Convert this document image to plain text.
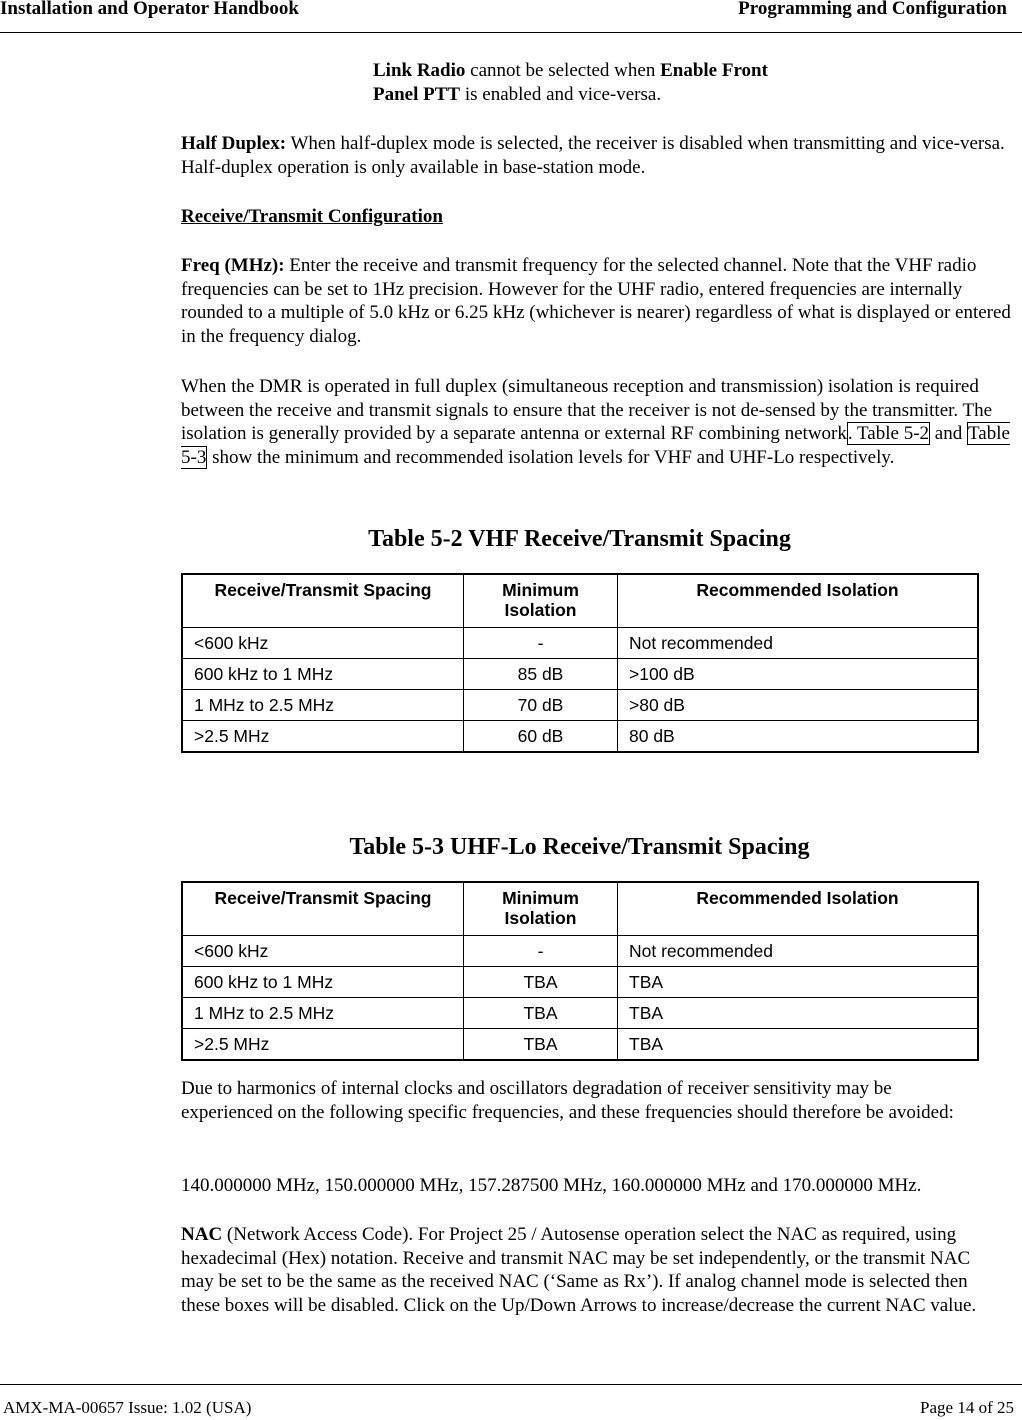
Installation and Operator Handbook	Programming and Configuration
Link Radio cannot be selected when Enable Front Panel PTT is enabled and vice-versa.

Half Duplex: When half-duplex mode is selected, the receiver is disabled when transmitting and vice-versa. Half-duplex operation is only available in base-station mode.

Receive/Transmit Configuration

Freq (MHz): Enter the receive and transmit frequency for the selected channel. Note that the VHF radio frequencies can be set to 1Hz precision. However for the UHF radio, entered frequencies are internally rounded to a multiple of 5.0 kHz or 6.25 kHz (whichever is nearer) regardless of what is displayed or entered in the frequency dialog.

When the DMR is operated in full duplex (simultaneous reception and transmission) isolation is required between the receive and transmit signals to ensure that the receiver is not de-sensed by the transmitter. The isolation is generally provided by a separate antenna or external RF combining network. Table 5-2 and Table 5-3 show the minimum and recommended isolation levels for VHF and UHF-Lo respectively.

Table 5-2 VHF Receive/Transmit Spacing
Receive/Transmit Spacing	Minimum Isolation	Recommended Isolation
<600 kHz	-	Not recommended
600 kHz to 1 MHz	85 dB	>100 dB
1 MHz to 2.5 MHz	70 dB	>80 dB
>2.5 MHz	60 dB	80 dB
Table 5-3 UHF-Lo Receive/Transmit Spacing
Receive/Transmit Spacing	Minimum Isolation	Recommended Isolation
<600 kHz	-	Not recommended
600 kHz to 1 MHz	TBA	TBA
1 MHz to 2.5 MHz	TBA	TBA
>2.5 MHz	TBA	TBA

Due to harmonics of internal clocks and oscillators degradation of receiver sensitivity may be experienced on the following specific frequencies, and these frequencies should therefore be avoided:

140.000000 MHz, 150.000000 MHz, 157.287500 MHz, 160.000000 MHz and 170.000000 MHz.

NAC (Network Access Code). For Project 25 / Autosense operation select the NAC as required, using hexadecimal (Hex) notation. Receive and transmit NAC may be set independently, or the transmit NAC may be set to be the same as the received NAC (‘Same as Rx’). If analog channel mode is selected then these boxes will be disabled. Click on the Up/Down Arrows to increase/decrease the current NAC value.

AMX-MA-00657 Issue: 1.02 (USA)	Page 14 of 25
